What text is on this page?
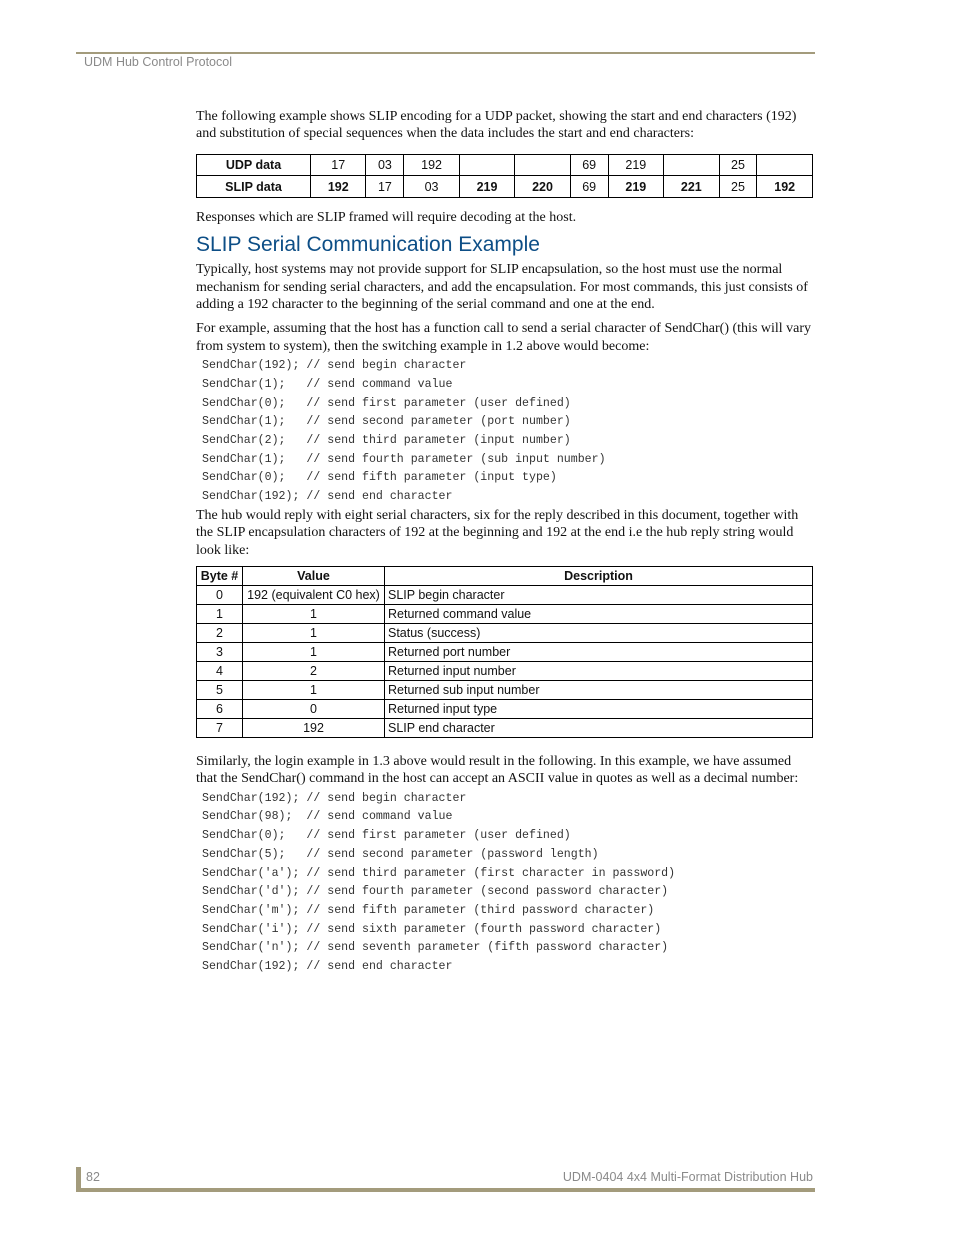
UDM Hub Control Protocol

The following example shows SLIP encoding for a UDP packet, showing the start and end characters (192) and substitution of special sequences when the data includes the start and end characters:

UDP data	17	03	192			69	219		25	
SLIP data	192	17	03	219	220	69	219	221	25	192

Responses which are SLIP framed will require decoding at the host.

SLIP Serial Communication Example

Typically, host systems may not provide support for SLIP encapsulation, so the host must use the normal mechanism for sending serial characters, and add the encapsulation. For most commands, this just consists of adding a 192 character to the beginning of the serial command and one at the end.

For example, assuming that the host has a function call to send a serial character of SendChar() (this will vary from system to system), then the switching example in 1.2 above would become:

SendChar(192); // send begin character
SendChar(1);   // send command value
SendChar(0);   // send first parameter (user defined)
SendChar(1);   // send second parameter (port number)
SendChar(2);   // send third parameter (input number)
SendChar(1);   // send fourth parameter (sub input number)
SendChar(0);   // send fifth parameter (input type)
SendChar(192); // send end character

The hub would reply with eight serial characters, six for the reply described in this document, together with the SLIP encapsulation characters of 192 at the beginning and 192 at the end i.e the hub reply string would look like:

Byte #	Value	Description
0	192 (equivalent C0 hex)	SLIP begin character
1	1	Returned command value
2	1	Status (success)
3	1	Returned port number
4	2	Returned input number
5	1	Returned sub input number
6	0	Returned input type
7	192	SLIP end character

Similarly, the login example in 1.3 above would result in the following. In this example, we have assumed that the SendChar() command in the host can accept an ASCII value in quotes as well as a decimal number:

SendChar(192); // send begin character
SendChar(98);  // send command value
SendChar(0);   // send first parameter (user defined)
SendChar(5);   // send second parameter (password length)
SendChar('a'); // send third parameter (first character in password)
SendChar('d'); // send fourth parameter (second password character)
SendChar('m'); // send fifth parameter (third password character)
SendChar('i'); // send sixth parameter (fourth password character)
SendChar('n'); // send seventh parameter (fifth password character)
SendChar(192); // send end character
82	UDM-0404 4x4 Multi-Format Distribution Hub
